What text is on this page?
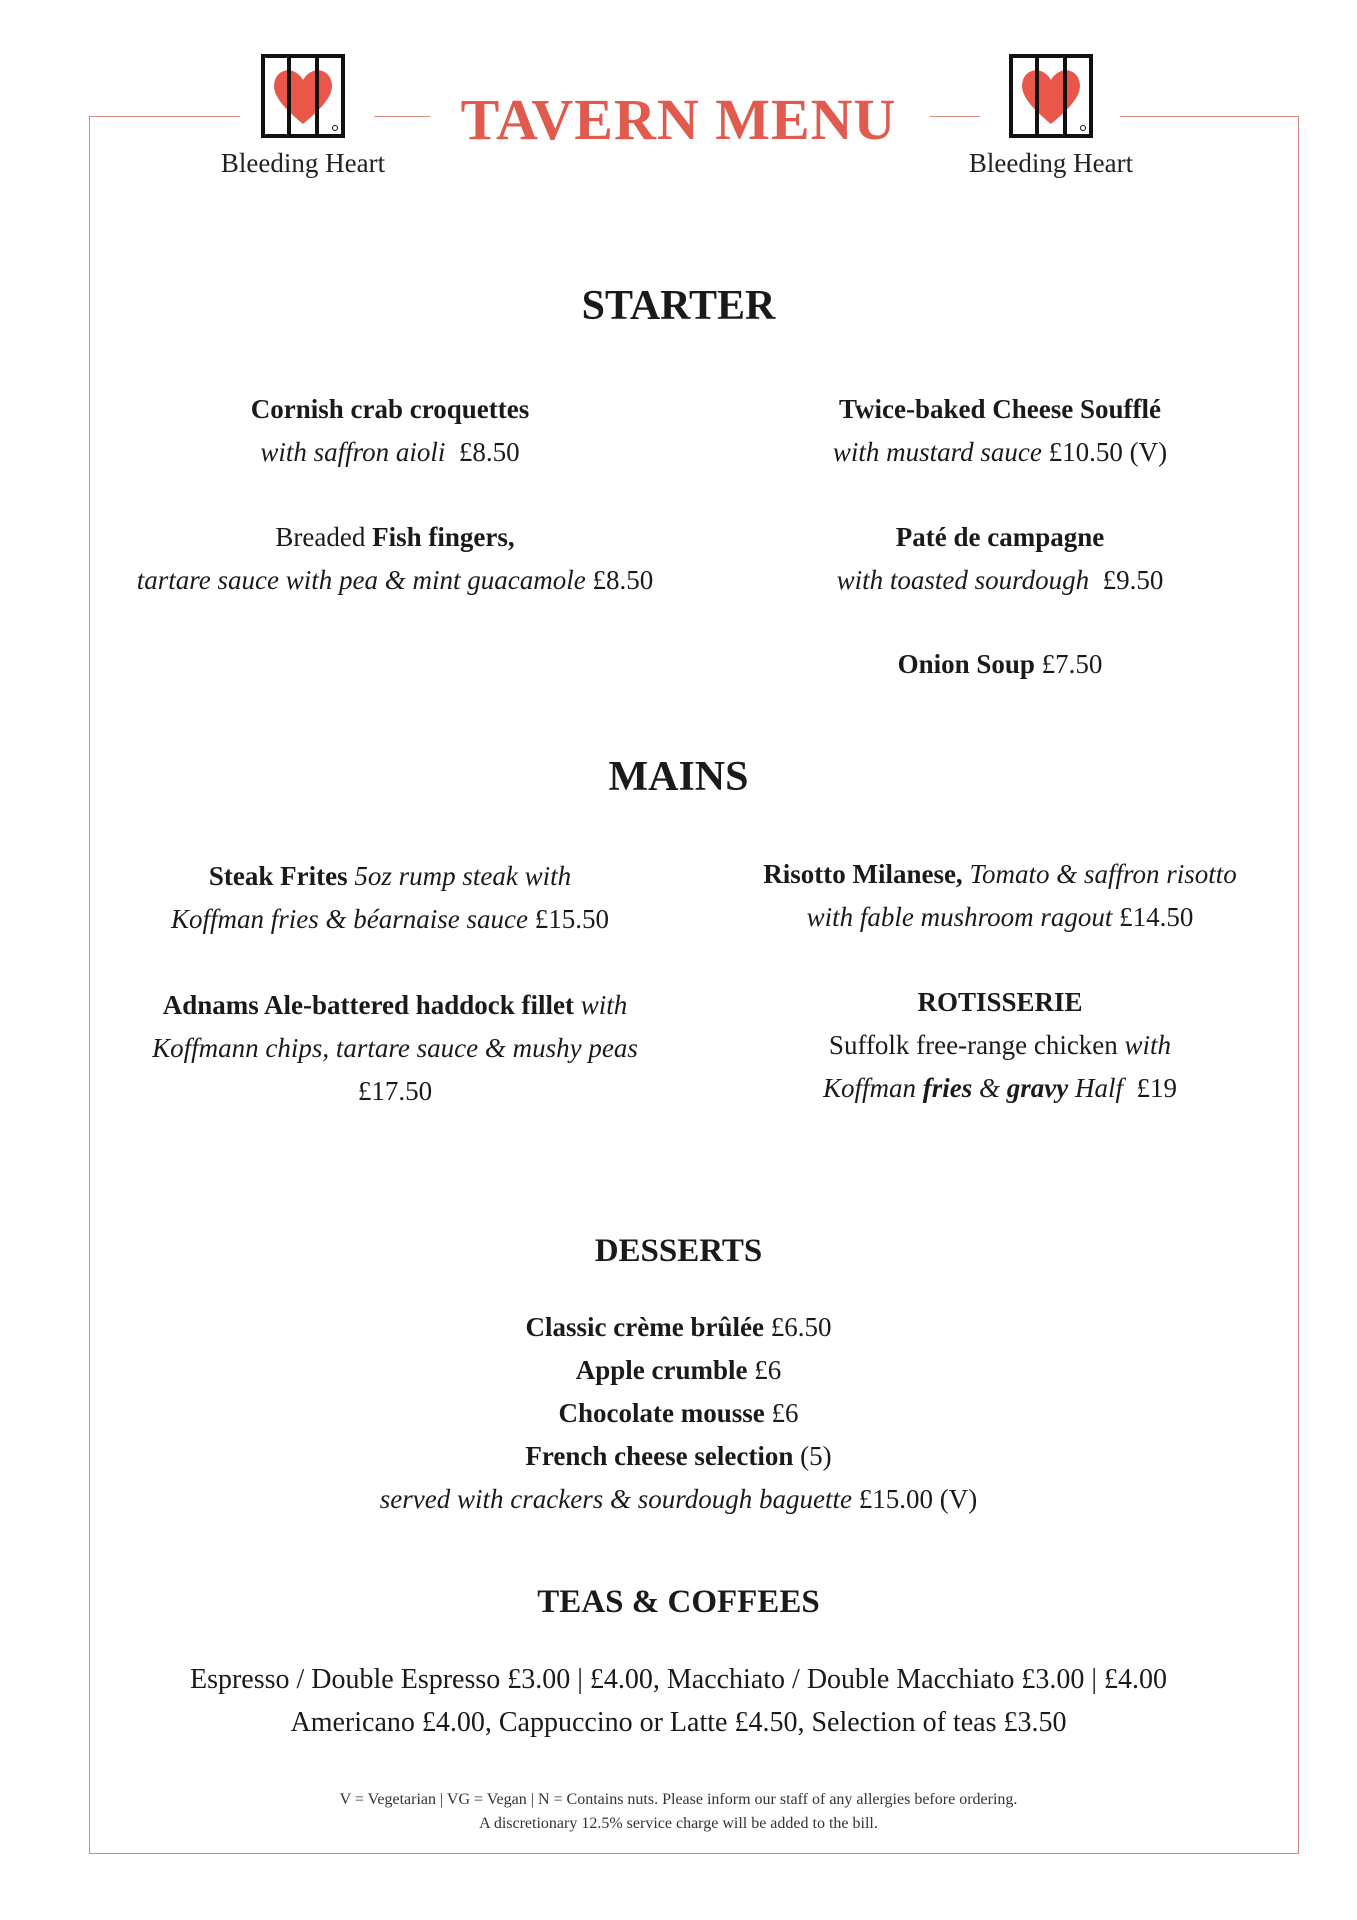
TAVERN MENU
Bleeding Heart	Bleeding Heart
STARTER
Cornish crab croquettes
with saffron aioli £8.50
Twice-baked Cheese Soufflé
with mustard sauce £10.50 (V)
Breaded Fish fingers,
tartare sauce with pea & mint guacamole £8.50
Paté de campagne
with toasted sourdough £9.50
Onion Soup £7.50
MAINS
Steak Frites 5oz rump steak with
Koffman fries & béarnaise sauce £15.50
Risotto Milanese, Tomato & saffron risotto
with fable mushroom ragout £14.50
Adnams Ale-battered haddock fillet with
Koffmann chips, tartare sauce & mushy peas
£17.50
ROTISSERIE
Suffolk free-range chicken with
Koffman fries & gravy Half £19
DESSERTS
Classic crème brûlée £6.50
Apple crumble £6
Chocolate mousse £6
French cheese selection (5)
served with crackers & sourdough baguette £15.00 (V)
TEAS & COFFEES
Espresso / Double Espresso £3.00 | £4.00, Macchiato / Double Macchiato £3.00 | £4.00
Americano £4.00, Cappuccino or Latte £4.50, Selection of teas £3.50
V = Vegetarian | VG = Vegan | N = Contains nuts. Please inform our staff of any allergies before ordering.
A discretionary 12.5% service charge will be added to the bill.
